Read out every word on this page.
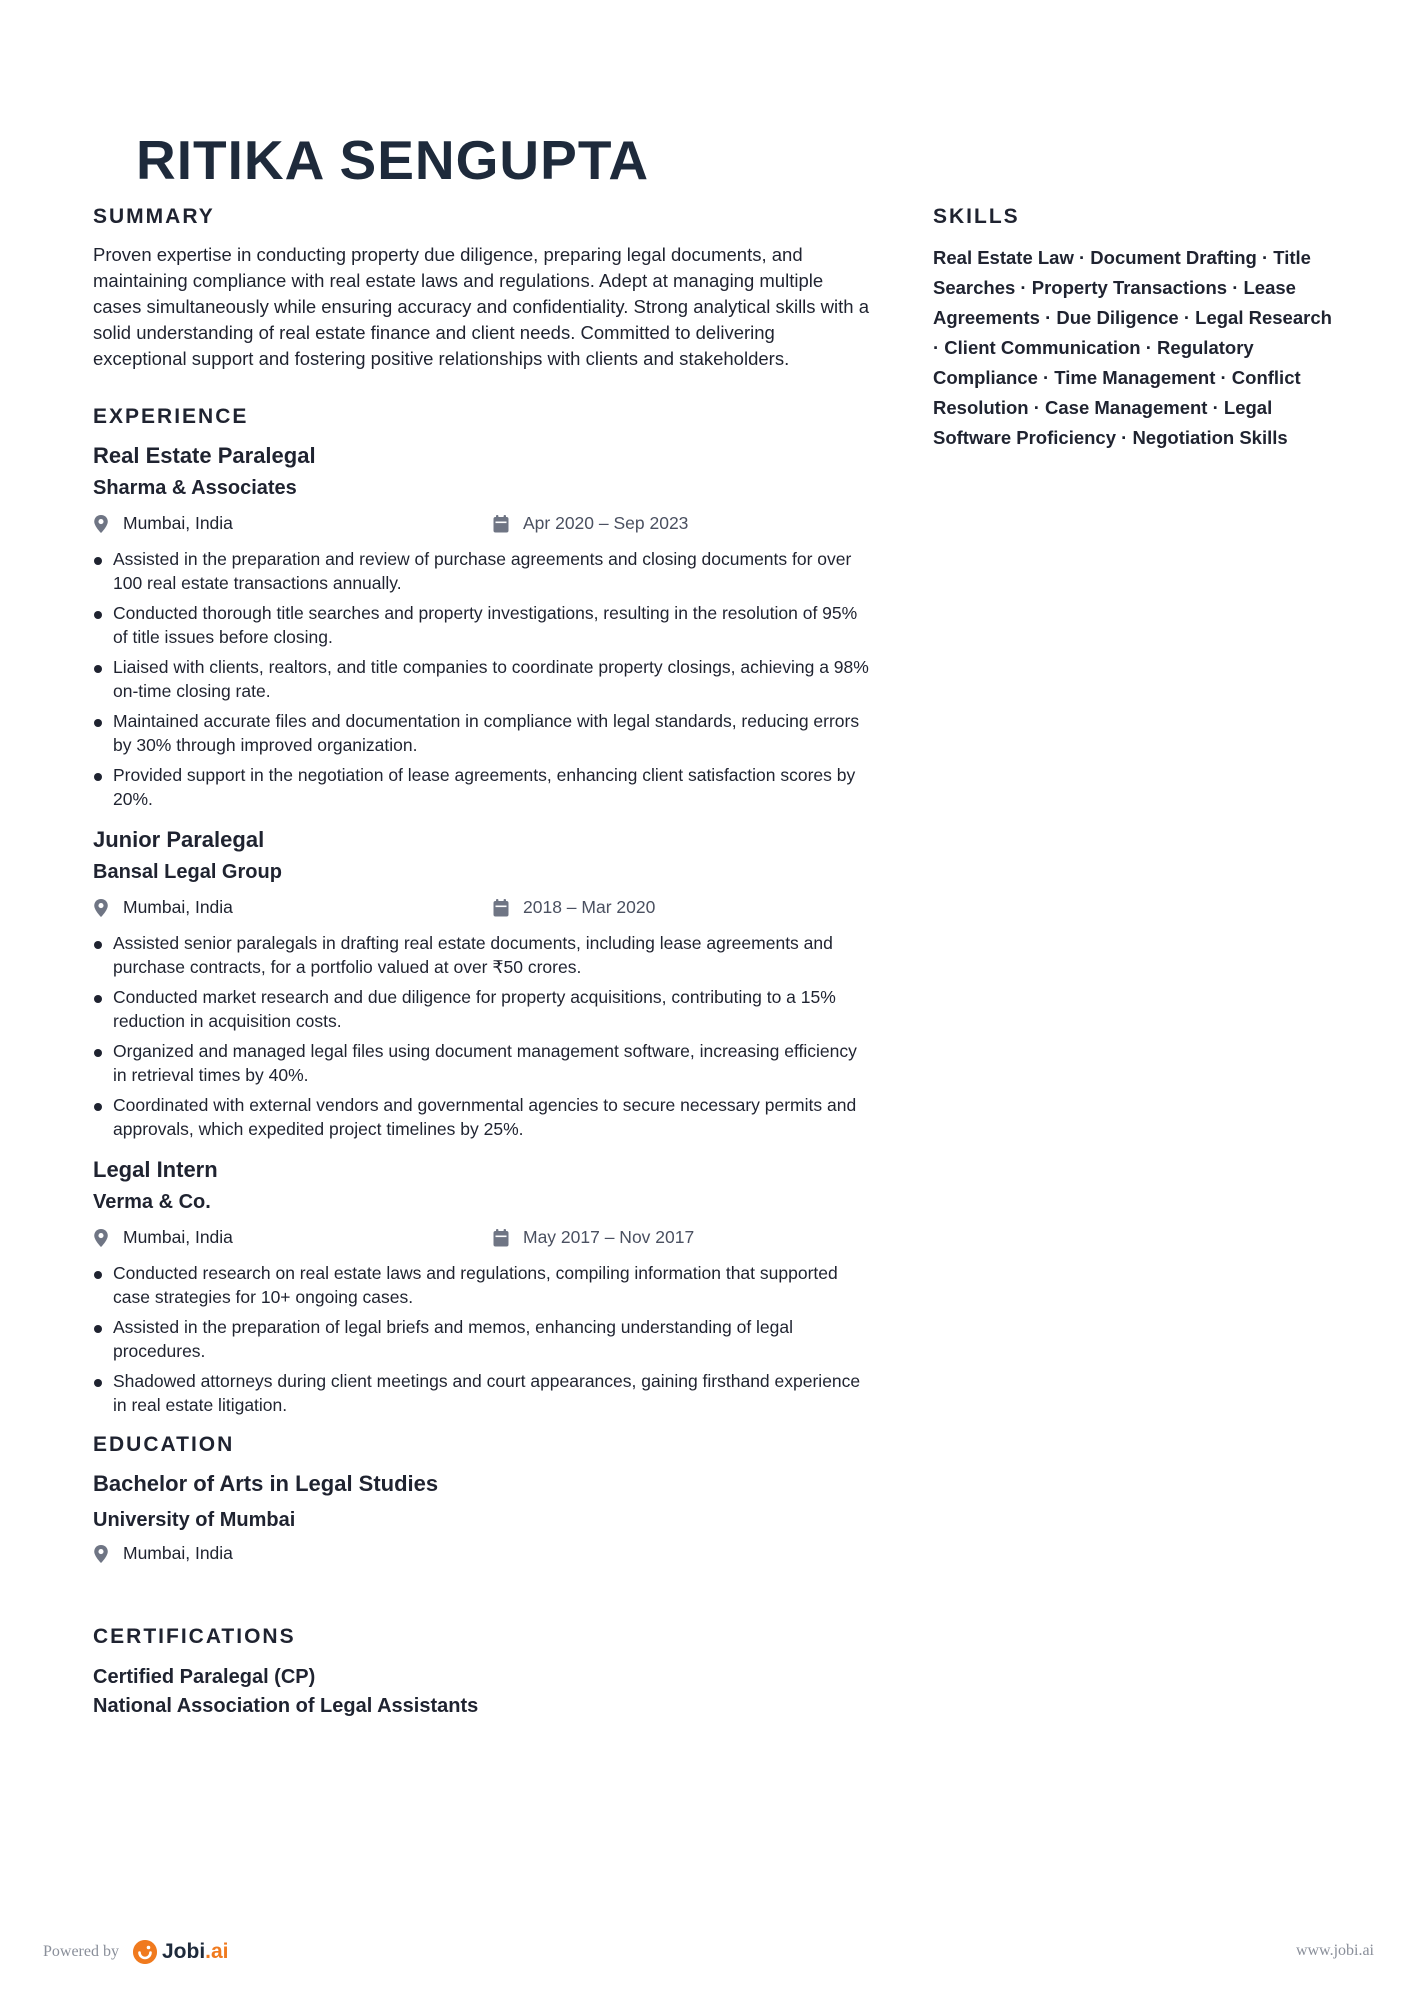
RITIKA SENGUPTA
SUMMARY

Proven expertise in conducting property due diligence, preparing legal documents, and maintaining compliance with real estate laws and regulations. Adept at managing multiple cases simultaneously while ensuring accuracy and confidentiality. Strong analytical skills with a solid understanding of real estate finance and client needs. Committed to delivering exceptional support and fostering positive relationships with clients and stakeholders.

EXPERIENCE
Real Estate Paralegal
Sharma & Associates
Mumbai, India	Apr 2020 – Sep 2023
Assisted in the preparation and review of purchase agreements and closing documents for over 100 real estate transactions annually.
Conducted thorough title searches and property investigations, resulting in the resolution of 95% of title issues before closing.
Liaised with clients, realtors, and title companies to coordinate property closings, achieving a 98% on-time closing rate.
Maintained accurate files and documentation in compliance with legal standards, reducing errors by 30% through improved organization.
Provided support in the negotiation of lease agreements, enhancing client satisfaction scores by 20%.
Junior Paralegal
Bansal Legal Group
Mumbai, India	2018 – Mar 2020
Assisted senior paralegals in drafting real estate documents, including lease agreements and purchase contracts, for a portfolio valued at over ₹50 crores.
Conducted market research and due diligence for property acquisitions, contributing to a 15% reduction in acquisition costs.
Organized and managed legal files using document management software, increasing efficiency in retrieval times by 40%.
Coordinated with external vendors and governmental agencies to secure necessary permits and approvals, which expedited project timelines by 25%.
Legal Intern
Verma & Co.
Mumbai, India	May 2017 – Nov 2017
Conducted research on real estate laws and regulations, compiling information that supported case strategies for 10+ ongoing cases.
Assisted in the preparation of legal briefs and memos, enhancing understanding of legal procedures.
Shadowed attorneys during client meetings and court appearances, gaining firsthand experience in real estate litigation.
EDUCATION
Bachelor of Arts in Legal Studies
University of Mumbai
Mumbai, India
CERTIFICATIONS
Certified Paralegal (CP)
National Association of Legal Assistants
SKILLS

Real Estate Law · Document Drafting · Title Searches · Property Transactions · Lease Agreements · Due Diligence · Legal Research · Client Communication · Regulatory Compliance · Time Management · Conflict Resolution · Case Management · Legal Software Proficiency · Negotiation Skills

Powered by Jobi.ai	www.jobi.ai
